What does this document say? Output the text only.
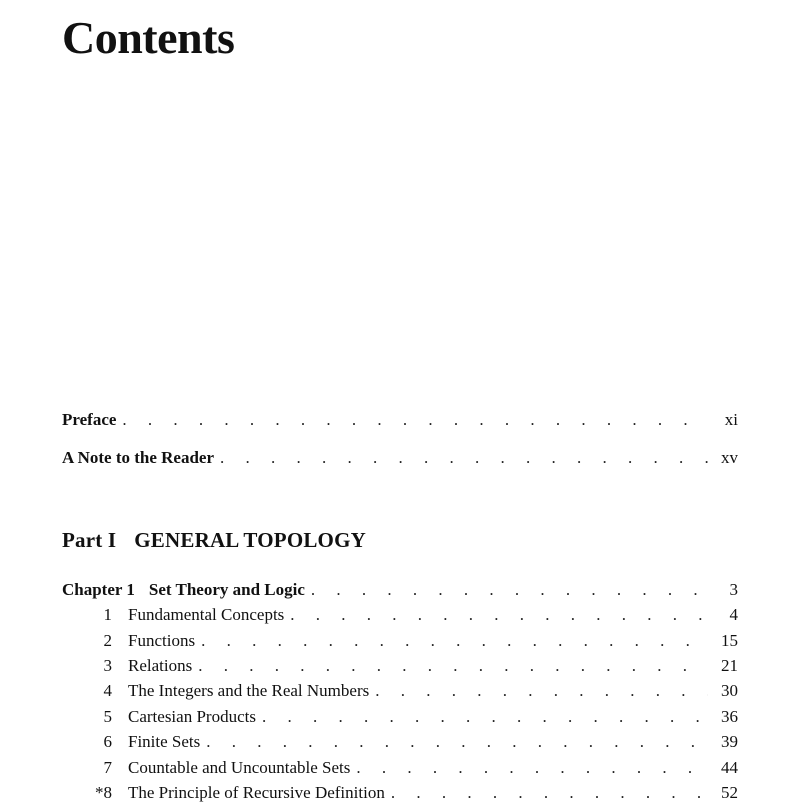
Contents
Preface . . .	xi
A Note to the Reader . . .	xv
Part I GENERAL TOPOLOGY
Chapter 1 Set Theory and Logic . . .	3
1 Fundamental Concepts . . .	4
2 Functions . . .	15
3 Relations . . .	21
4 The Integers and the Real Numbers . . .	30
5 Cartesian Products . . .	36
6 Finite Sets . . .	39
7 Countable and Uncountable Sets . . .	44
*8 The Principle of Recursive Definition . . .	52
